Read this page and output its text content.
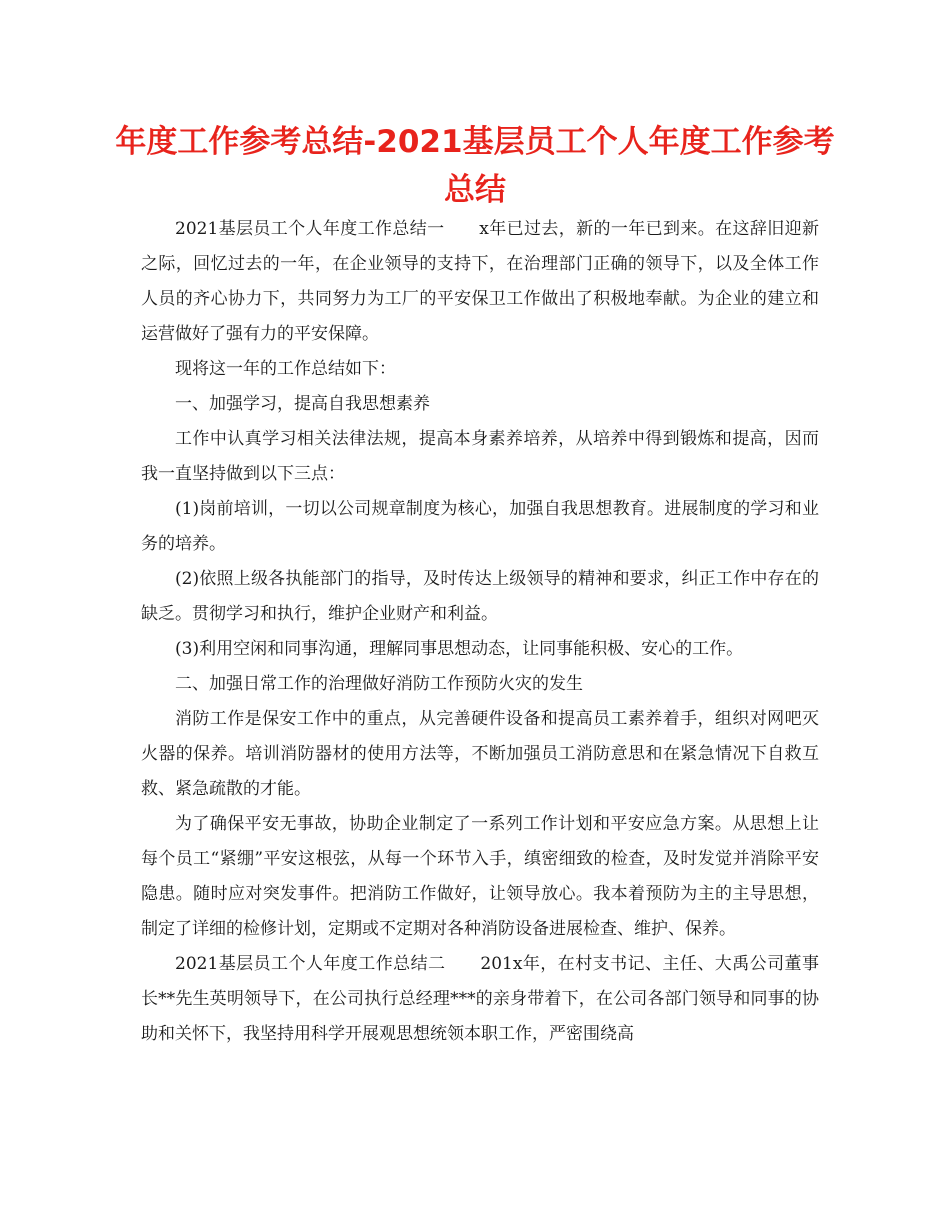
年度工作参考总结-2021基层员工个人年度工作参考总结

2021基层员工个人年度工作总结一　　x年已过去，新的一年已到来。在这辞旧迎新之际，回忆过去的一年，在企业领导的支持下，在治理部门正确的领导下，以及全体工作人员的齐心协力下，共同努力为工厂的平安保卫工作做出了积极地奉献。为企业的建立和运营做好了强有力的平安保障。

现将这一年的工作总结如下：

一、加强学习，提高自我思想素养

工作中认真学习相关法律法规，提高本身素养培养，从培养中得到锻炼和提高，因而我一直坚持做到以下三点：

(1)岗前培训，一切以公司规章制度为核心，加强自我思想教育。进展制度的学习和业务的培养。

(2)依照上级各执能部门的指导，及时传达上级领导的精神和要求，纠正工作中存在的缺乏。贯彻学习和执行，维护企业财产和利益。

(3)利用空闲和同事沟通，理解同事思想动态，让同事能积极、安心的工作。

二、加强日常工作的治理做好消防工作预防火灾的发生

消防工作是保安工作中的重点，从完善硬件设备和提高员工素养着手，组织对网吧灭火器的保养。培训消防器材的使用方法等，不断加强员工消防意思和在紧急情况下自救互救、紧急疏散的才能。

为了确保平安无事故，协助企业制定了一系列工作计划和平安应急方案。从思想上让每个员工“紧绷”平安这根弦，从每一个环节入手，缜密细致的检查，及时发觉并消除平安隐患。随时应对突发事件。把消防工作做好，让领导放心。我本着预防为主的主导思想，制定了详细的检修计划，定期或不定期对各种消防设备进展检查、维护、保养。

2021基层员工个人年度工作总结二　　201x年，在村支书记、主任、大禹公司董事长**先生英明领导下，在公司执行总经理***的亲身带着下，在公司各部门领导和同事的协助和关怀下，我坚持用科学开展观思想统领本职工作，严密围绕高
